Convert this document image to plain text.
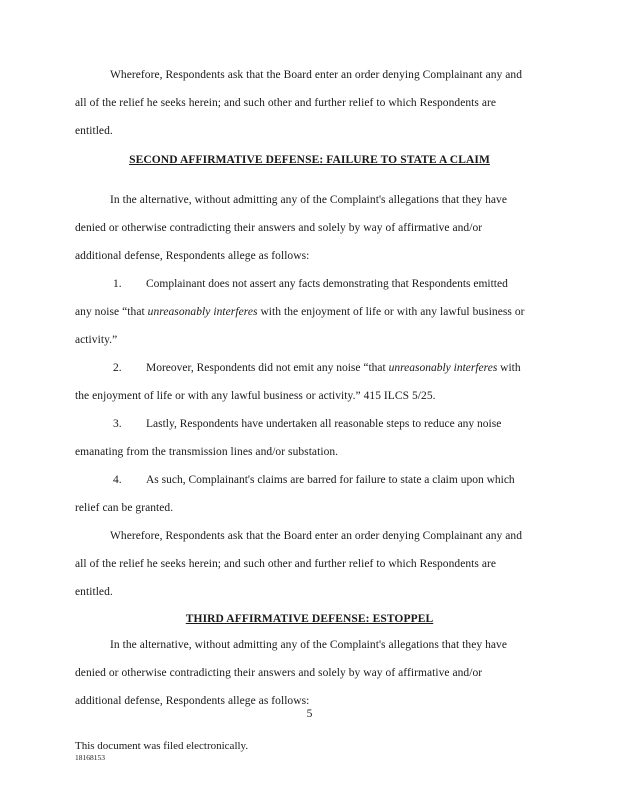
Wherefore, Respondents ask that the Board enter an order denying Complainant any and
all of the relief he seeks herein; and such other and further relief to which Respondents are
entitled.
SECOND AFFIRMATIVE DEFENSE: FAILURE TO STATE A CLAIM
In the alternative, without admitting any of the Complaint's allegations that they have
denied or otherwise contradicting their answers and solely by way of affirmative and/or
additional defense, Respondents allege as follows:
1. Complainant does not assert any facts demonstrating that Respondents emitted
any noise “that unreasonably interferes with the enjoyment of life or with any lawful business or
activity.”
2. Moreover, Respondents did not emit any noise “that unreasonably interferes with
the enjoyment of life or with any lawful business or activity.” 415 ILCS 5/25.
3. Lastly, Respondents have undertaken all reasonable steps to reduce any noise
emanating from the transmission lines and/or substation.
4. As such, Complainant's claims are barred for failure to state a claim upon which
relief can be granted.
Wherefore, Respondents ask that the Board enter an order denying Complainant any and
all of the relief he seeks herein; and such other and further relief to which Respondents are
entitled.
THIRD AFFIRMATIVE DEFENSE: ESTOPPEL
In the alternative, without admitting any of the Complaint's allegations that they have
denied or otherwise contradicting their answers and solely by way of affirmative and/or
additional defense, Respondents allege as follows:
5
This document was filed electronically.
18168153
